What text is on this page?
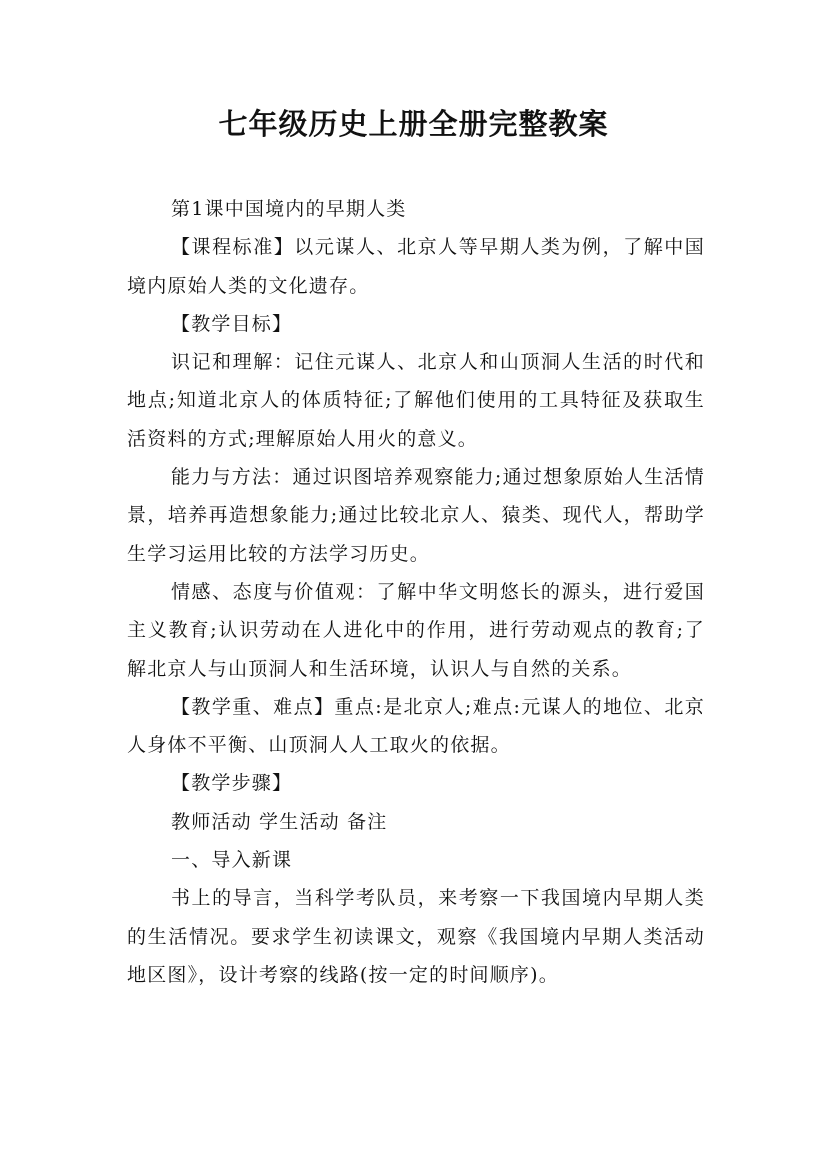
七年级历史上册全册完整教案

第1课中国境内的早期人类

【课程标准】以元谋人、北京人等早期人类为例，了解中国境内原始人类的文化遗存。

【教学目标】

识记和理解：记住元谋人、北京人和山顶洞人生活的时代和地点;知道北京人的体质特征;了解他们使用的工具特征及获取生活资料的方式;理解原始人用火的意义。

能力与方法：通过识图培养观察能力;通过想象原始人生活情景，培养再造想象能力;通过比较北京人、猿类、现代人，帮助学生学习运用比较的方法学习历史。

情感、态度与价值观：了解中华文明悠长的源头，进行爱国主义教育;认识劳动在人进化中的作用，进行劳动观点的教育;了解北京人与山顶洞人和生活环境，认识人与自然的关系。

【教学重、难点】重点:是北京人;难点:元谋人的地位、北京人身体不平衡、山顶洞人人工取火的依据。

【教学步骤】

教师活动 学生活动 备注

一、导入新课

书上的导言，当科学考队员，来考察一下我国境内早期人类的生活情况。要求学生初读课文，观察《我国境内早期人类活动地区图》，设计考察的线路(按一定的时间顺序)。
